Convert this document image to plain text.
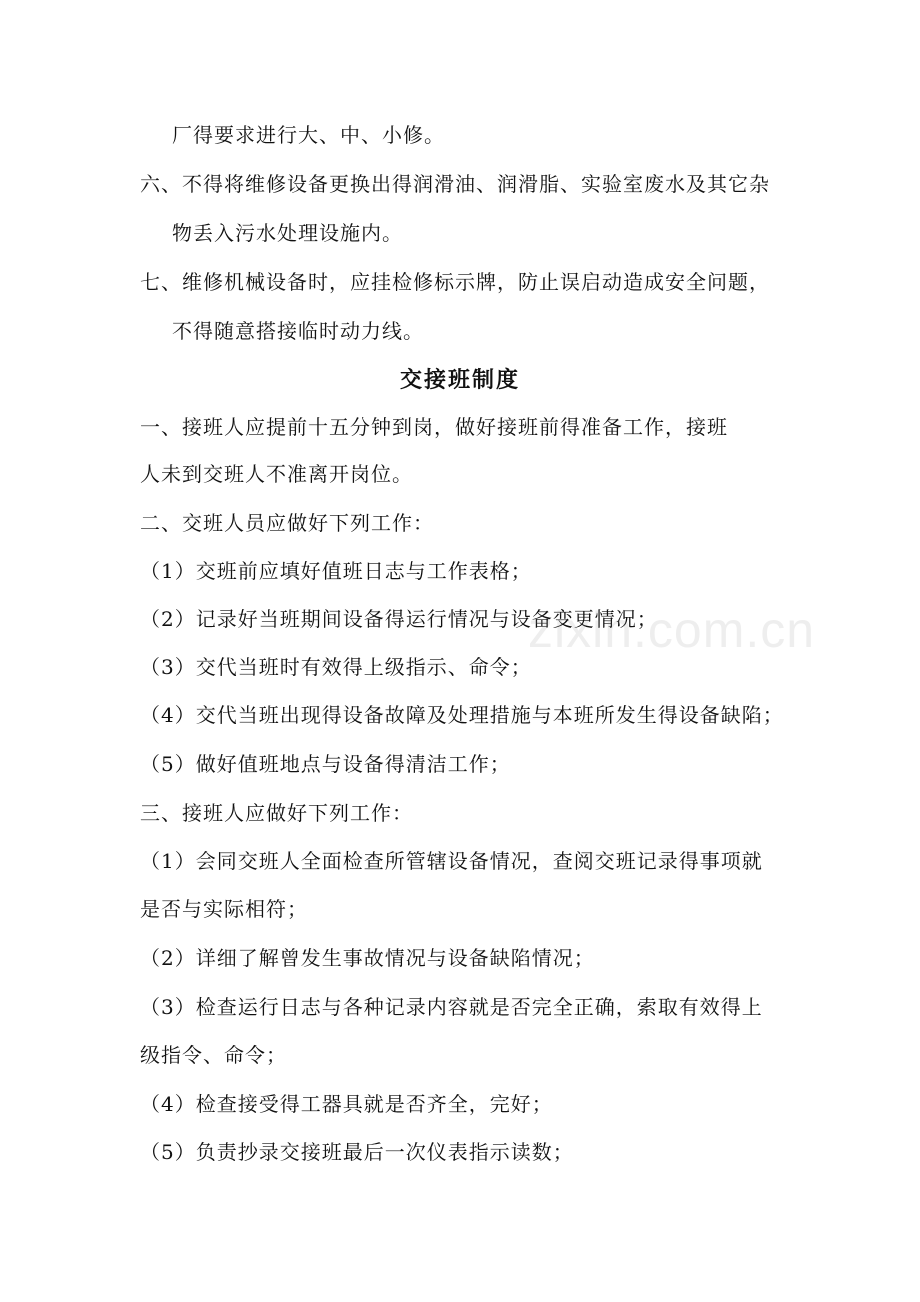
厂得要求进行大、中、小修。
六、不得将维修设备更换出得润滑油、润滑脂、实验室废水及其它杂
物丢入污水处理设施内。
七、维修机械设备时，应挂检修标示牌，防止误启动造成安全问题，
不得随意搭接临时动力线。
交接班制度
一、接班人应提前十五分钟到岗，做好接班前得准备工作，接班
人未到交班人不准离开岗位。
二、交班人员应做好下列工作：
（1）交班前应填好值班日志与工作表格；
（2）记录好当班期间设备得运行情况与设备变更情况；
（3）交代当班时有效得上级指示、命令；
（4）交代当班出现得设备故障及处理措施与本班所发生得设备缺陷；
（5）做好值班地点与设备得清洁工作；
三、接班人应做好下列工作：
（1）会同交班人全面检查所管辖设备情况，查阅交班记录得事项就
是否与实际相符；
（2）详细了解曾发生事故情况与设备缺陷情况；
（3）检查运行日志与各种记录内容就是否完全正确，索取有效得上
级指令、命令；
（4）检查接受得工器具就是否齐全，完好；
（5）负责抄录交接班最后一次仪表指示读数；
zixin.com.cn
